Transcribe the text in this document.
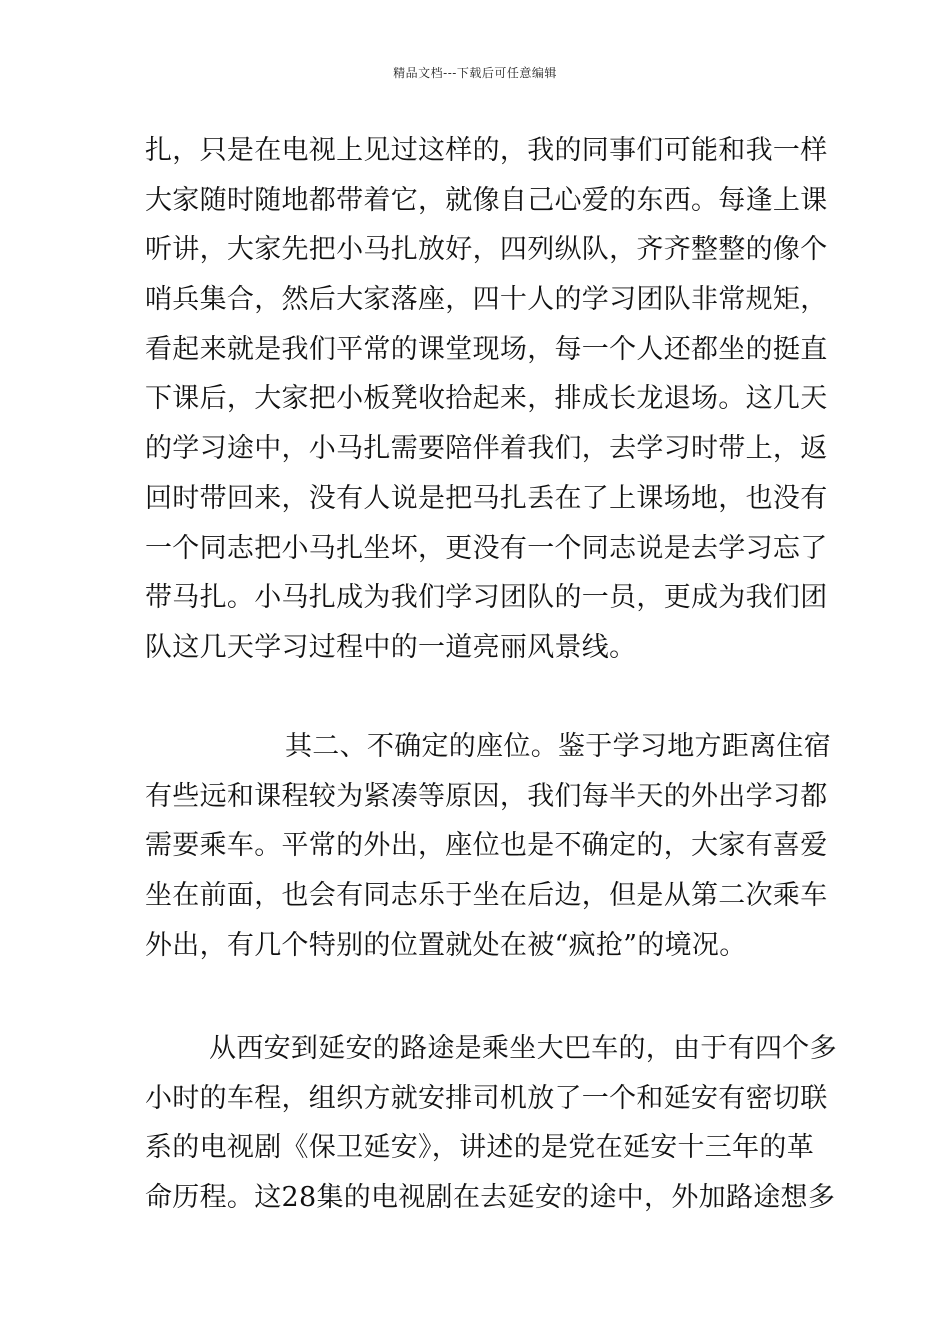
精品文档---下载后可任意编辑
扎，只是在电视上见过这样的，我的同事们可能和我一样
大家随时随地都带着它，就像自己心爱的东西。每逢上课
听讲，大家先把小马扎放好，四列纵队，齐齐整整的像个
哨兵集合，然后大家落座，四十人的学习团队非常规矩，
看起来就是我们平常的课堂现场，每一个人还都坐的挺直
下课后，大家把小板凳收拾起来，排成长龙退场。这几天
的学习途中，小马扎需要陪伴着我们，去学习时带上，返
回时带回来，没有人说是把马扎丢在了上课场地，也没有
一个同志把小马扎坐坏，更没有一个同志说是去学习忘了
带马扎。小马扎成为我们学习团队的一员，更成为我们团
队这几天学习过程中的一道亮丽风景线。
其二、不确定的座位。鉴于学习地方距离住宿
有些远和课程较为紧凑等原因，我们每半天的外出学习都
需要乘车。平常的外出，座位也是不确定的，大家有喜爱
坐在前面，也会有同志乐于坐在后边，但是从第二次乘车
外出，有几个特别的位置就处在被“疯抢”的境况。
从西安到延安的路途是乘坐大巴车的，由于有四个多
小时的车程，组织方就安排司机放了一个和延安有密切联
系的电视剧《保卫延安》，讲述的是党在延安十三年的革
命历程。这28集的电视剧在去延安的途中，外加路途想多
